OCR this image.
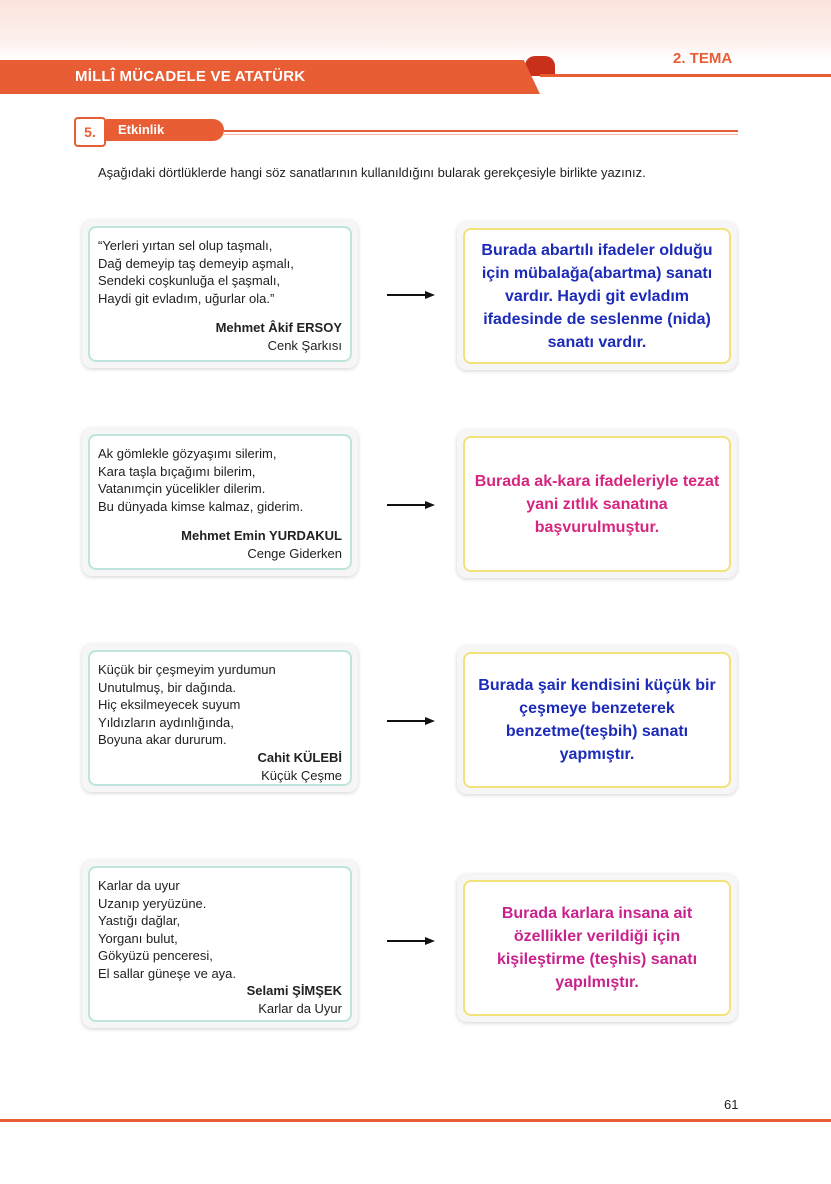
MİLLÎ MÜCADELE VE ATATÜRK
2. TEMA
5.	Etkinlik
Aşağıdaki dörtlüklerde hangi söz sanatlarının kullanıldığını bularak gerekçesiyle birlikte yazınız.
“Yerleri yırtan sel olup taşmalı,
Dağ demeyip taş demeyip aşmalı,
Sendeki coşkunluğa el şaşmalı,
Haydi git evladım, uğurlar ola.”
Mehmet Âkif ERSOY
Cenk Şarkısı
Burada abartılı ifadeler olduğu için mübalağa(abartma) sanatı vardır. Haydi git evladım ifadesinde de seslenme (nida) sanatı vardır.
Ak gömlekle gözyaşımı silerim,
Kara taşla bıçağımı bilerim,
Vatanımçin yücelikler dilerim.
Bu dünyada kimse kalmaz, giderim.
Mehmet Emin YURDAKUL
Cenge Giderken
Burada ak-kara ifadeleriyle tezat yani zıtlık sanatına başvurulmuştur.
Küçük bir çeşmeyim yurdumun
Unutulmuş, bir dağında.
Hiç eksilmeyecek suyum
Yıldızların aydınlığında,
Boyuna akar dururum.
Cahit KÜLEBİ
Küçük Çeşme
Burada şair kendisini küçük bir çeşmeye benzeterek benzetme(teşbih) sanatı yapmıştır.
Karlar da uyur
Uzanıp yeryüzüne.
Yastığı dağlar,
Yorganı bulut,
Gökyüzü penceresi,
El sallar güneşe ve aya.
Selami ŞİMŞEK
Karlar da Uyur
Burada karlara insana ait özellikler verildiği için kişileştirme (teşhis) sanatı yapılmıştır.
61
